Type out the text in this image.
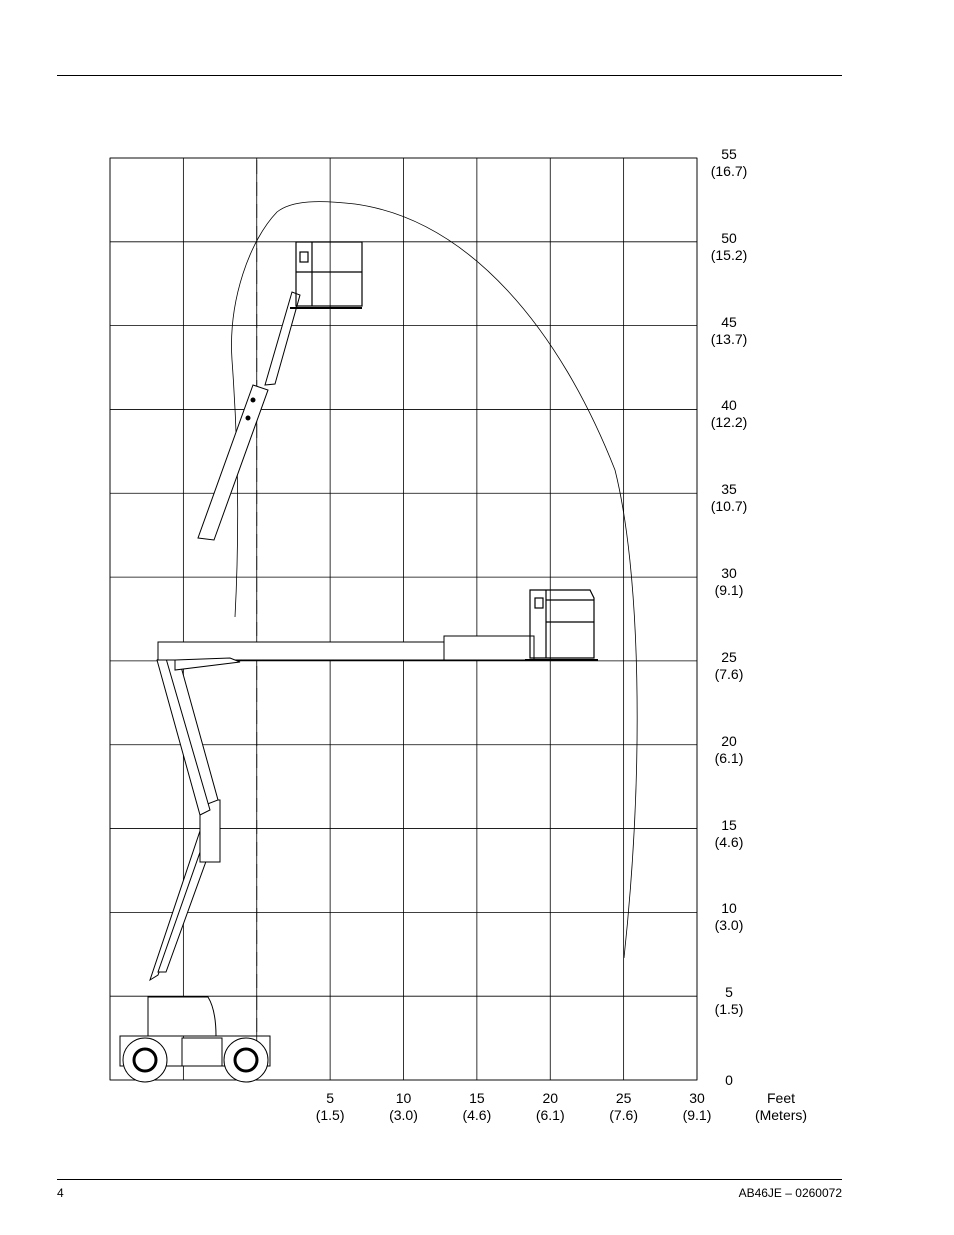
0
5
(1.5)
10
(3.0)
15
(4.6)
20
(6.1)
25
(7.6)
30
(9.1)
35
(10.7)
40
(12.2)
45
(13.7)
50
(15.2)
55
(16.7)
5
(1.5)
10
(3.0)
15
(4.6)
20
(6.1)
25
(7.6)
30
(9.1)
Feet
(Meters)
4	AB46JE – 0260072
